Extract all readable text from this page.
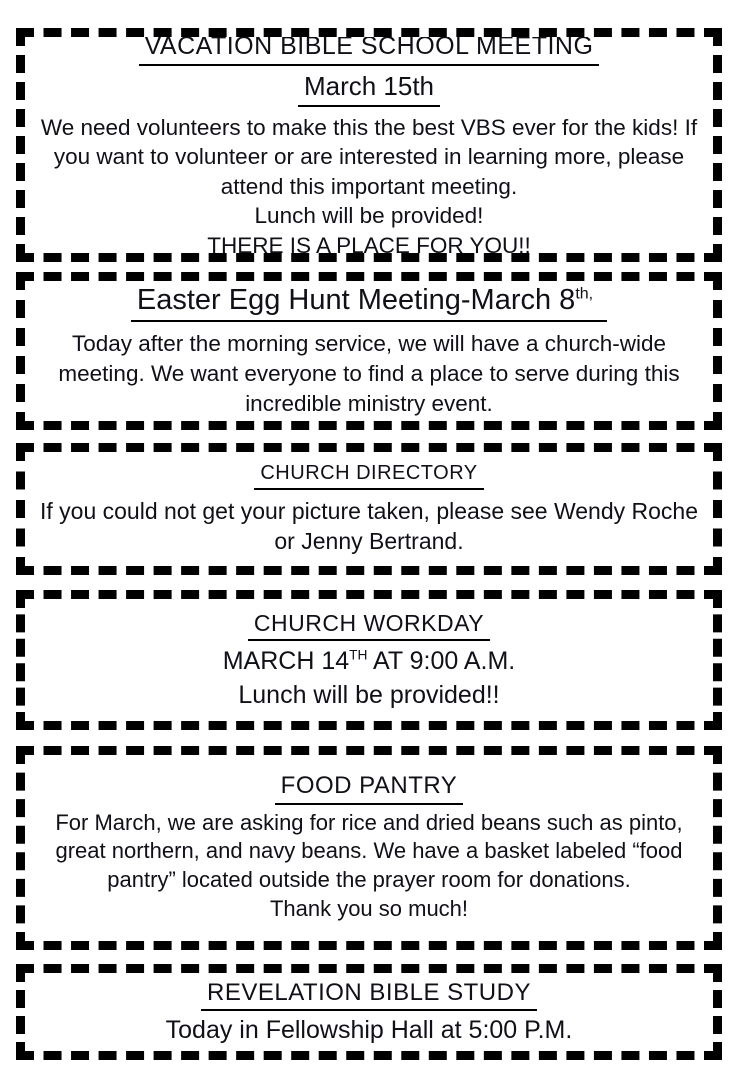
VACATION BIBLE SCHOOL MEETING

March 15th

We need volunteers to make this the best VBS ever for the kids! If you want to volunteer or are interested in learning more, please attend this important meeting.

Lunch will be provided!

THERE IS A PLACE FOR YOU!!

Easter Egg Hunt Meeting-March $8^{th,}$

Today after the morning service, we will have a church-wide meeting. We want everyone to find a place to serve during this incredible ministry event.

CHURCH DIRECTORY

If you could not get your picture taken, please see Wendy Roche or Jenny Bertrand.

CHURCH WORKDAY

MARCH 14TH AT 9:00 A.M.

Lunch will be provided!!

FOOD PANTRY

For March, we are asking for rice and dried beans such as pinto, great northern, and navy beans. We have a basket labeled “food pantry” located outside the prayer room for donations.

Thank you so much!

REVELATION BIBLE STUDY

Today in Fellowship Hall at 5:00 P.M.
